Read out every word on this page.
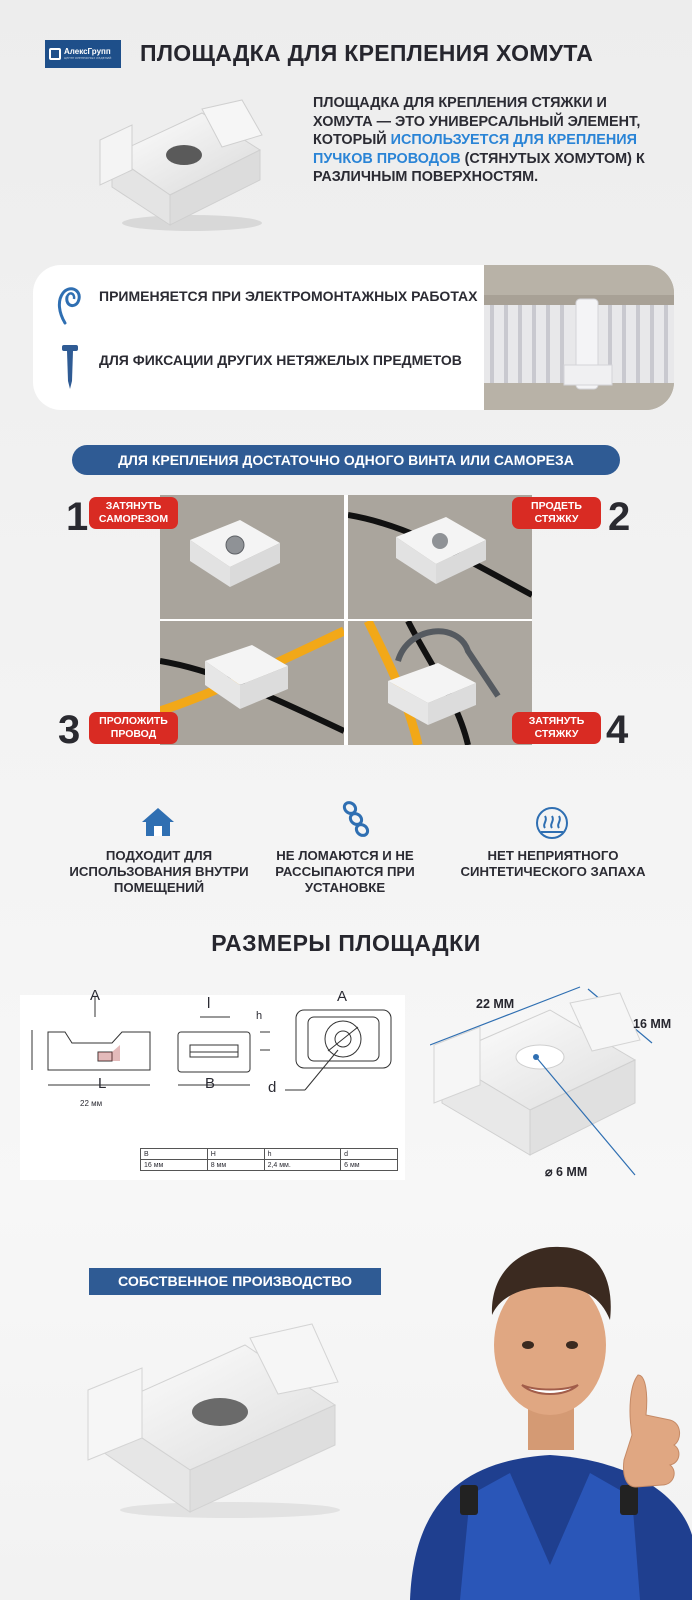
АлексГрупп
ЦЕНТР КРЕПЕЖНЫХ ИЗДЕЛИЙ ПЛОЩАДКА ДЛЯ КРЕПЛЕНИЯ ХОМУТА
ПЛОЩАДКА ДЛЯ КРЕПЛЕНИЯ СТЯЖКИ И ХОМУТА — ЭТО УНИВЕРСАЛЬНЫЙ ЭЛЕМЕНТ, КОТОРЫЙ ИСПОЛЬЗУЕТСЯ ДЛЯ КРЕПЛЕНИЯ ПУЧКОВ ПРОВОДОВ (СТЯНУТЫХ ХОМУТОМ) К РАЗЛИЧНЫМ ПОВЕРХНОСТЯМ.
ПРИМЕНЯЕТСЯ ПРИ ЭЛЕКТРОМОНТАЖНЫХ РАБОТАХ
ДЛЯ ФИКСАЦИИ ДРУГИХ НЕТЯЖЕЛЫХ ПРЕДМЕТОВ
ДЛЯ КРЕПЛЕНИЯ ДОСТАТОЧНО ОДНОГО ВИНТА ИЛИ САМОРЕЗА
1	ЗАТЯНУТЬ САМОРЕЗОМ	2
ПРОДЕТЬ СТЯЖКУ
3	ПРОЛОЖИТЬ ПРОВОД	4
ЗАТЯНУТЬ СТЯЖКУ
ПОДХОДИТ ДЛЯ ИСПОЛЬЗОВАНИЯ ВНУТРИ ПОМЕЩЕНИЙ
НЕ ЛОМАЮТСЯ И НЕ РАССЫПАЮТСЯ ПРИ УСТАНОВКЕ
НЕТ НЕПРИЯТНОГО СИНТЕТИЧЕСКОГО ЗАПАХА
РАЗМЕРЫ ПЛОЩАДКИ
A
L
22 мм
l
B
h
A
d
B	H	h	d
16 мм	8 мм	2,4 мм.	6 мм
22 ММ
16 ММ
⌀ 6 ММ
СОБСТВЕННОЕ ПРОИЗВОДСТВО
